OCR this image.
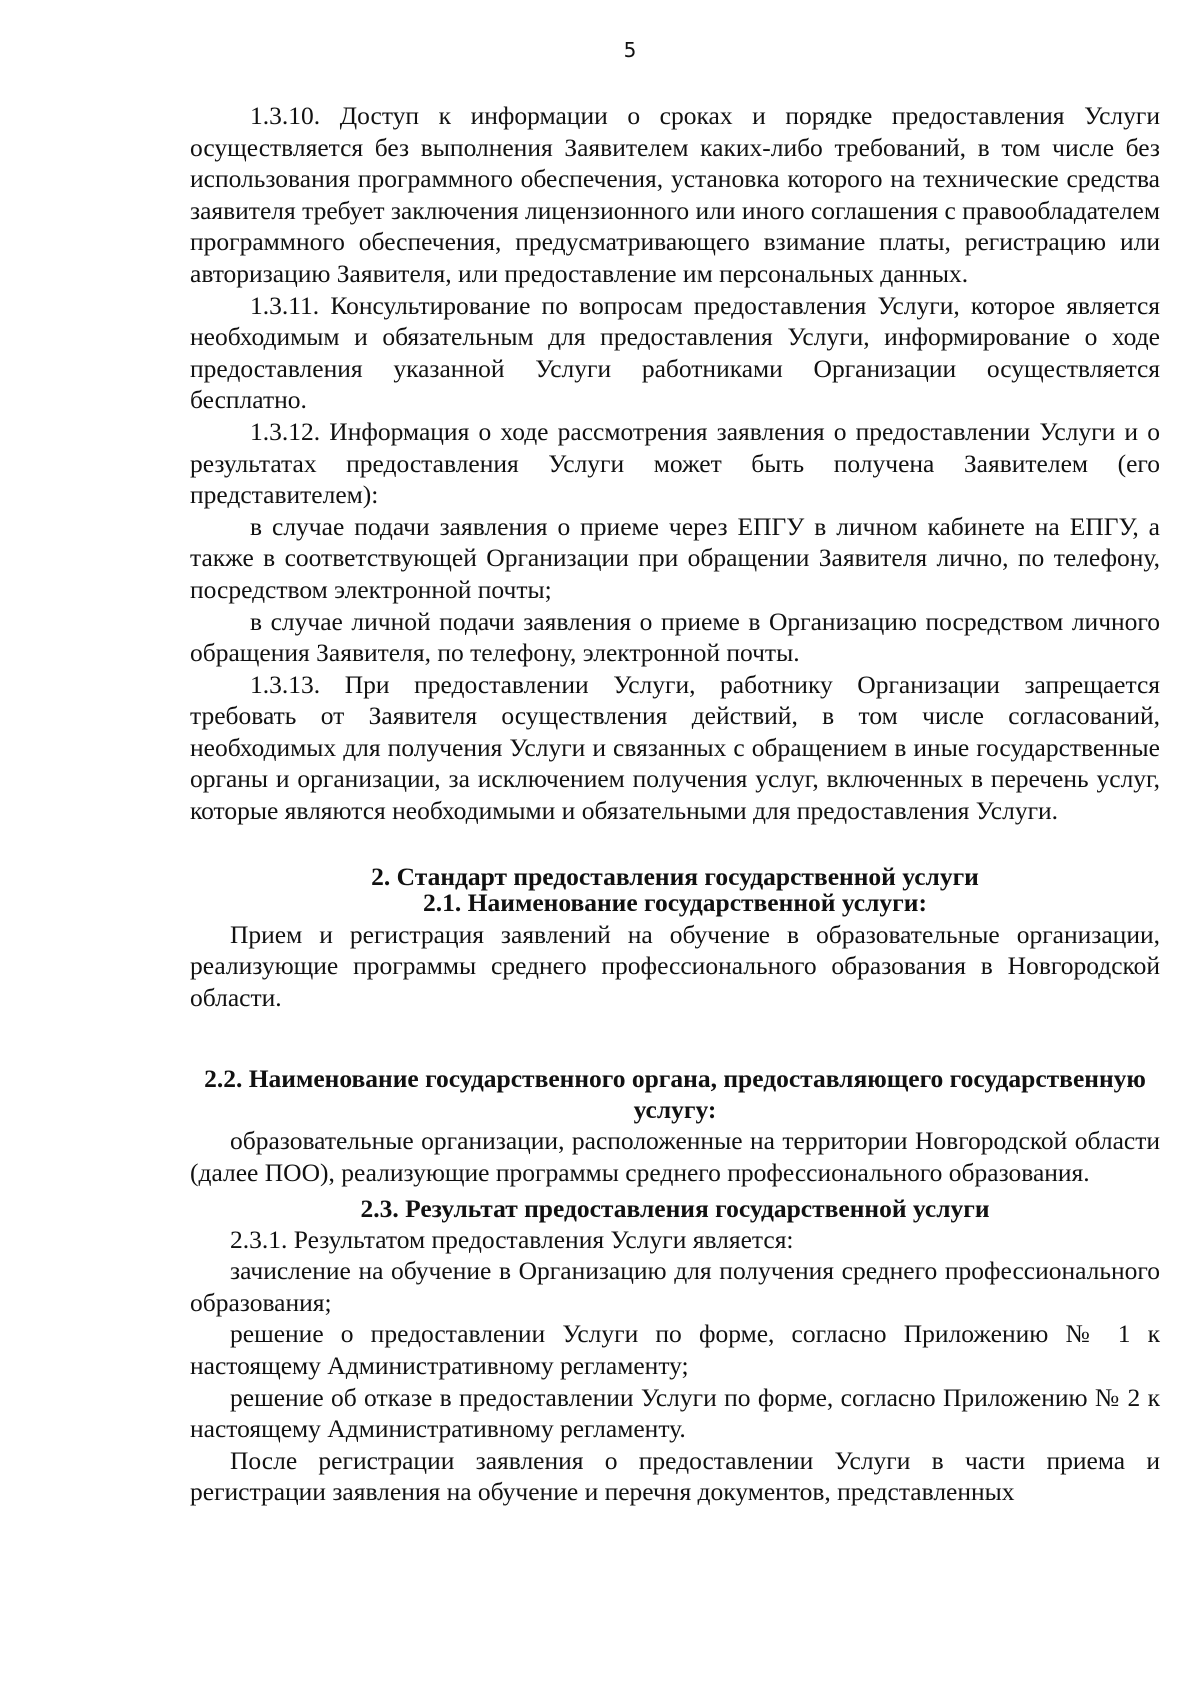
5

1.3.10. Доступ к информации о сроках и порядке предоставления Услуги осуществляется без выполнения Заявителем каких-либо требований, в том числе без использования программного обеспечения, установка которого на технические средства заявителя требует заключения лицензионного или иного соглашения с правообладателем программного обеспечения, предусматривающего взимание платы, регистрацию или авторизацию Заявителя, или предоставление им персональных данных.

1.3.11. Консультирование по вопросам предоставления Услуги, которое является необходимым и обязательным для предоставления Услуги, информирование о ходе предоставления указанной Услуги работниками Организации осуществляется бесплатно.

1.3.12. Информация о ходе рассмотрения заявления о предоставлении Услуги и о результатах предоставления Услуги может быть получена Заявителем (его представителем):

в случае подачи заявления о приеме через ЕПГУ в личном кабинете на ЕПГУ, а также в соответствующей Организации при обращении Заявителя лично, по телефону, посредством электронной почты;

в случае личной подачи заявления о приеме в Организацию посредством личного обращения Заявителя, по телефону, электронной почты.

1.3.13. При предоставлении Услуги, работнику Организации запрещается требовать от Заявителя осуществления действий, в том числе согласований, необходимых для получения Услуги и связанных с обращением в иные государственные органы и организации, за исключением получения услуг, включенных в перечень услуг, которые являются необходимыми и обязательными для предоставления Услуги.

2. Стандарт предоставления государственной услуги
2.1. Наименование государственной услуги:

Прием и регистрация заявлений на обучение в образовательные организации, реализующие программы среднего профессионального образования в Новгородской области.

2.2. Наименование государственного органа, предоставляющего государственную услугу:

образовательные организации, расположенные на территории Новгородской области (далее ПОО), реализующие программы среднего профессионального образования.

2.3. Результат предоставления государственной услуги

2.3.1. Результатом предоставления Услуги является:

зачисление на обучение в Организацию для получения среднего профессионального образования;

решение о предоставлении Услуги по форме, согласно Приложению № 1 к настоящему Административному регламенту;

решение об отказе в предоставлении Услуги по форме, согласно Приложению № 2 к настоящему Административному регламенту.

После регистрации заявления о предоставлении Услуги в части приема и регистрации заявления на обучение и перечня документов, представленных
